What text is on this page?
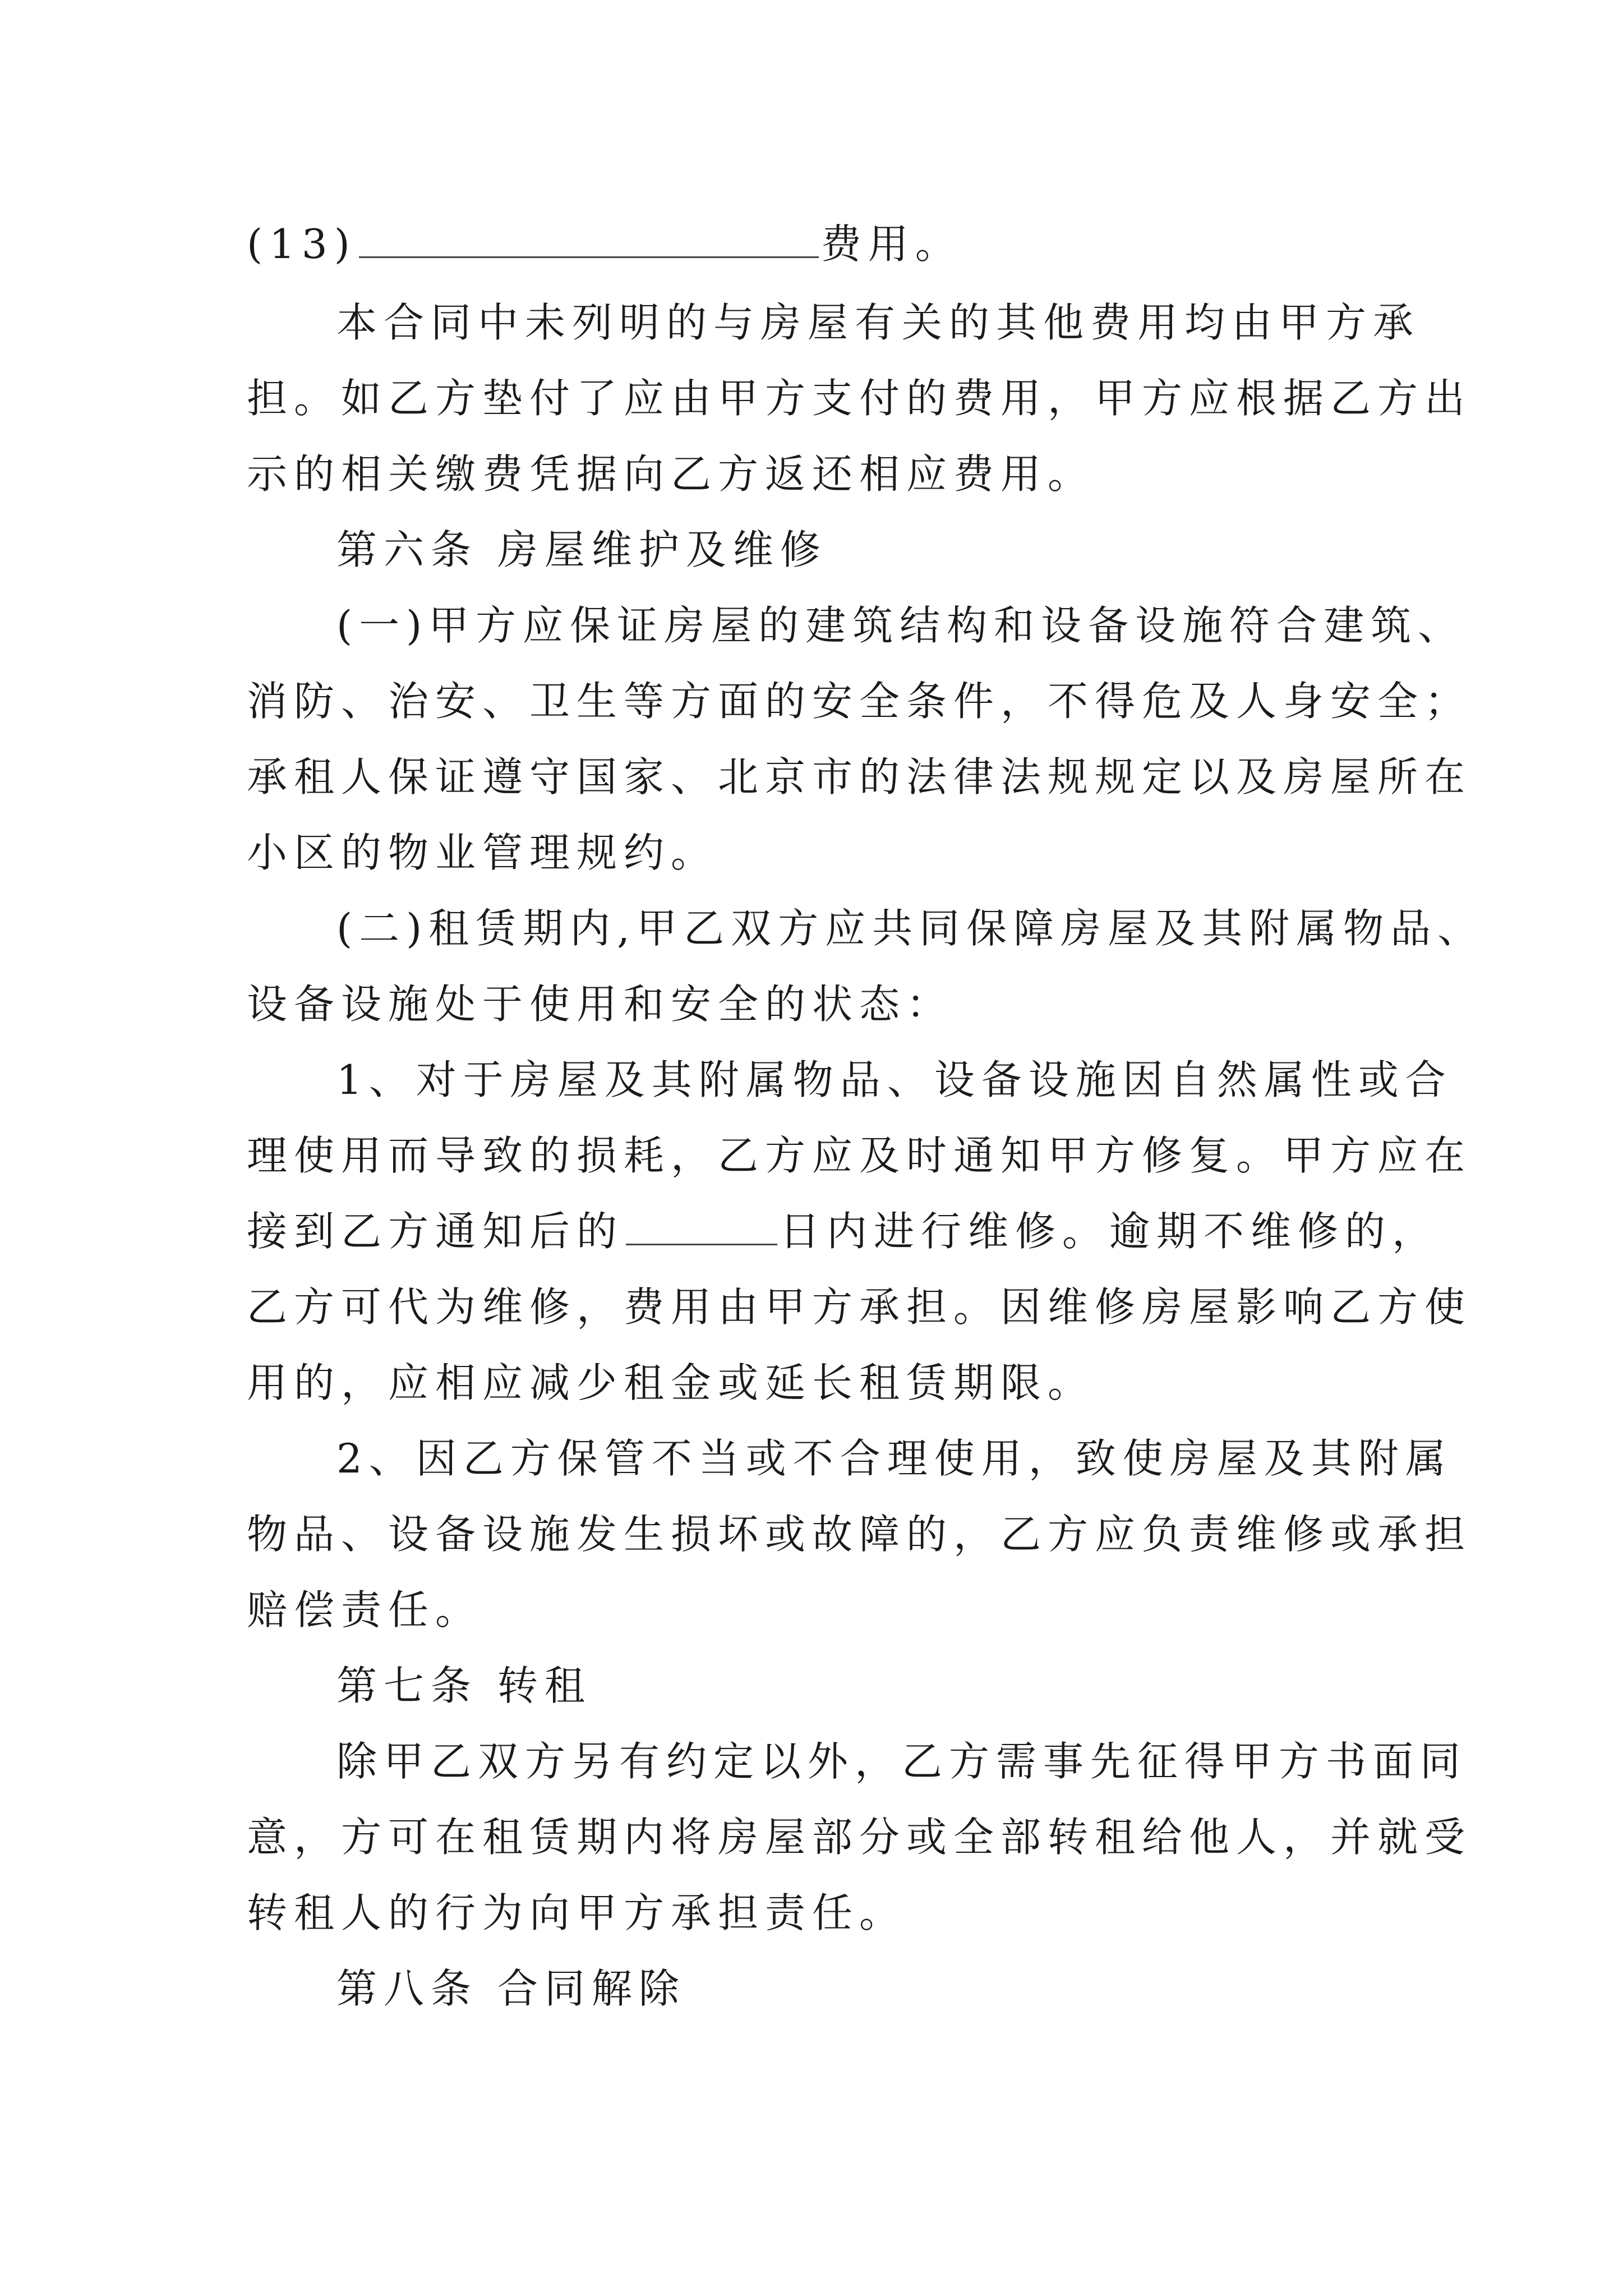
(13)	费用。
本合同中未列明的与房屋有关的其他费用均由甲方承
担。如乙方垫付了应由甲方支付的费用，甲方应根据乙方出
示的相关缴费凭据向乙方返还相应费用。
第六条 房屋维护及维修
(一)甲方应保证房屋的建筑结构和设备设施符合建筑、
消防、治安、卫生等方面的安全条件，不得危及人身安全；
承租人保证遵守国家、北京市的法律法规规定以及房屋所在
小区的物业管理规约。
(二)租赁期内,甲乙双方应共同保障房屋及其附属物品、
设备设施处于使用和安全的状态：
1、对于房屋及其附属物品、设备设施因自然属性或合
理使用而导致的损耗，乙方应及时通知甲方修复。甲方应在
接到乙方通知后的	日内进行维修。逾期不维修的，
乙方可代为维修，费用由甲方承担。因维修房屋影响乙方使
用的，应相应减少租金或延长租赁期限。
2、因乙方保管不当或不合理使用，致使房屋及其附属
物品、设备设施发生损坏或故障的，乙方应负责维修或承担
赔偿责任。
第七条 转租
除甲乙双方另有约定以外，乙方需事先征得甲方书面同
意，方可在租赁期内将房屋部分或全部转租给他人，并就受
转租人的行为向甲方承担责任。
第八条 合同解除
